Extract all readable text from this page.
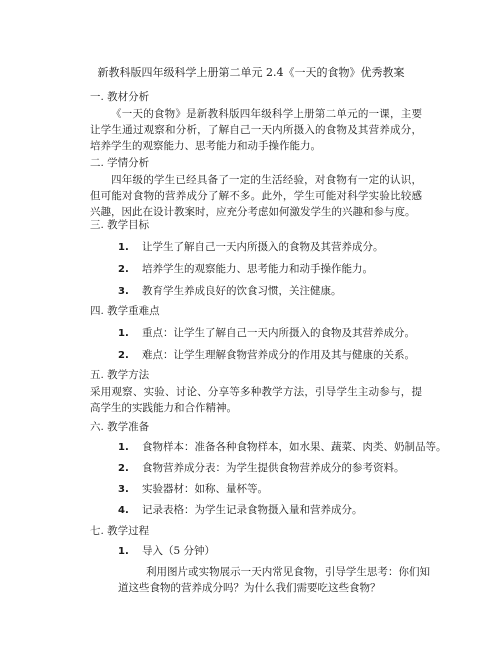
新教科版四年级科学上册第二单元 2.4《一天的食物》优秀教案
一. 教材分析
《一天的食物》是新教科版四年级科学上册第二单元的一课，主要让学生通过观察和分析，了解自己一天内所摄入的食物及其营养成分，培养学生的观察能力、思考能力和动手操作能力。
二. 学情分析
四年级的学生已经具备了一定的生活经验，对食物有一定的认识，但可能对食物的营养成分了解不多。此外，学生可能对科学实验比较感兴趣，因此在设计教案时，应充分考虑如何激发学生的兴趣和参与度。
三. 教学目标
1. 让学生了解自己一天内所摄入的食物及其营养成分。
2. 培养学生的观察能力、思考能力和动手操作能力。
3. 教育学生养成良好的饮食习惯，关注健康。
四. 教学重难点
1. 重点：让学生了解自己一天内所摄入的食物及其营养成分。
2. 难点：让学生理解食物营养成分的作用及其与健康的关系。
五. 教学方法
采用观察、实验、讨论、分享等多种教学方法，引导学生主动参与，提高学生的实践能力和合作精神。
六. 教学准备
1. 食物样本：准备各种食物样本，如水果、蔬菜、肉类、奶制品等。
2. 食物营养成分表：为学生提供食物营养成分的参考资料。
3. 实验器材：如称、量杯等。
4. 记录表格：为学生记录食物摄入量和营养成分。
七. 教学过程
1. 导入（5 分钟）
利用图片或实物展示一天内常见食物，引导学生思考：你们知道这些食物的营养成分吗？为什么我们需要吃这些食物？
